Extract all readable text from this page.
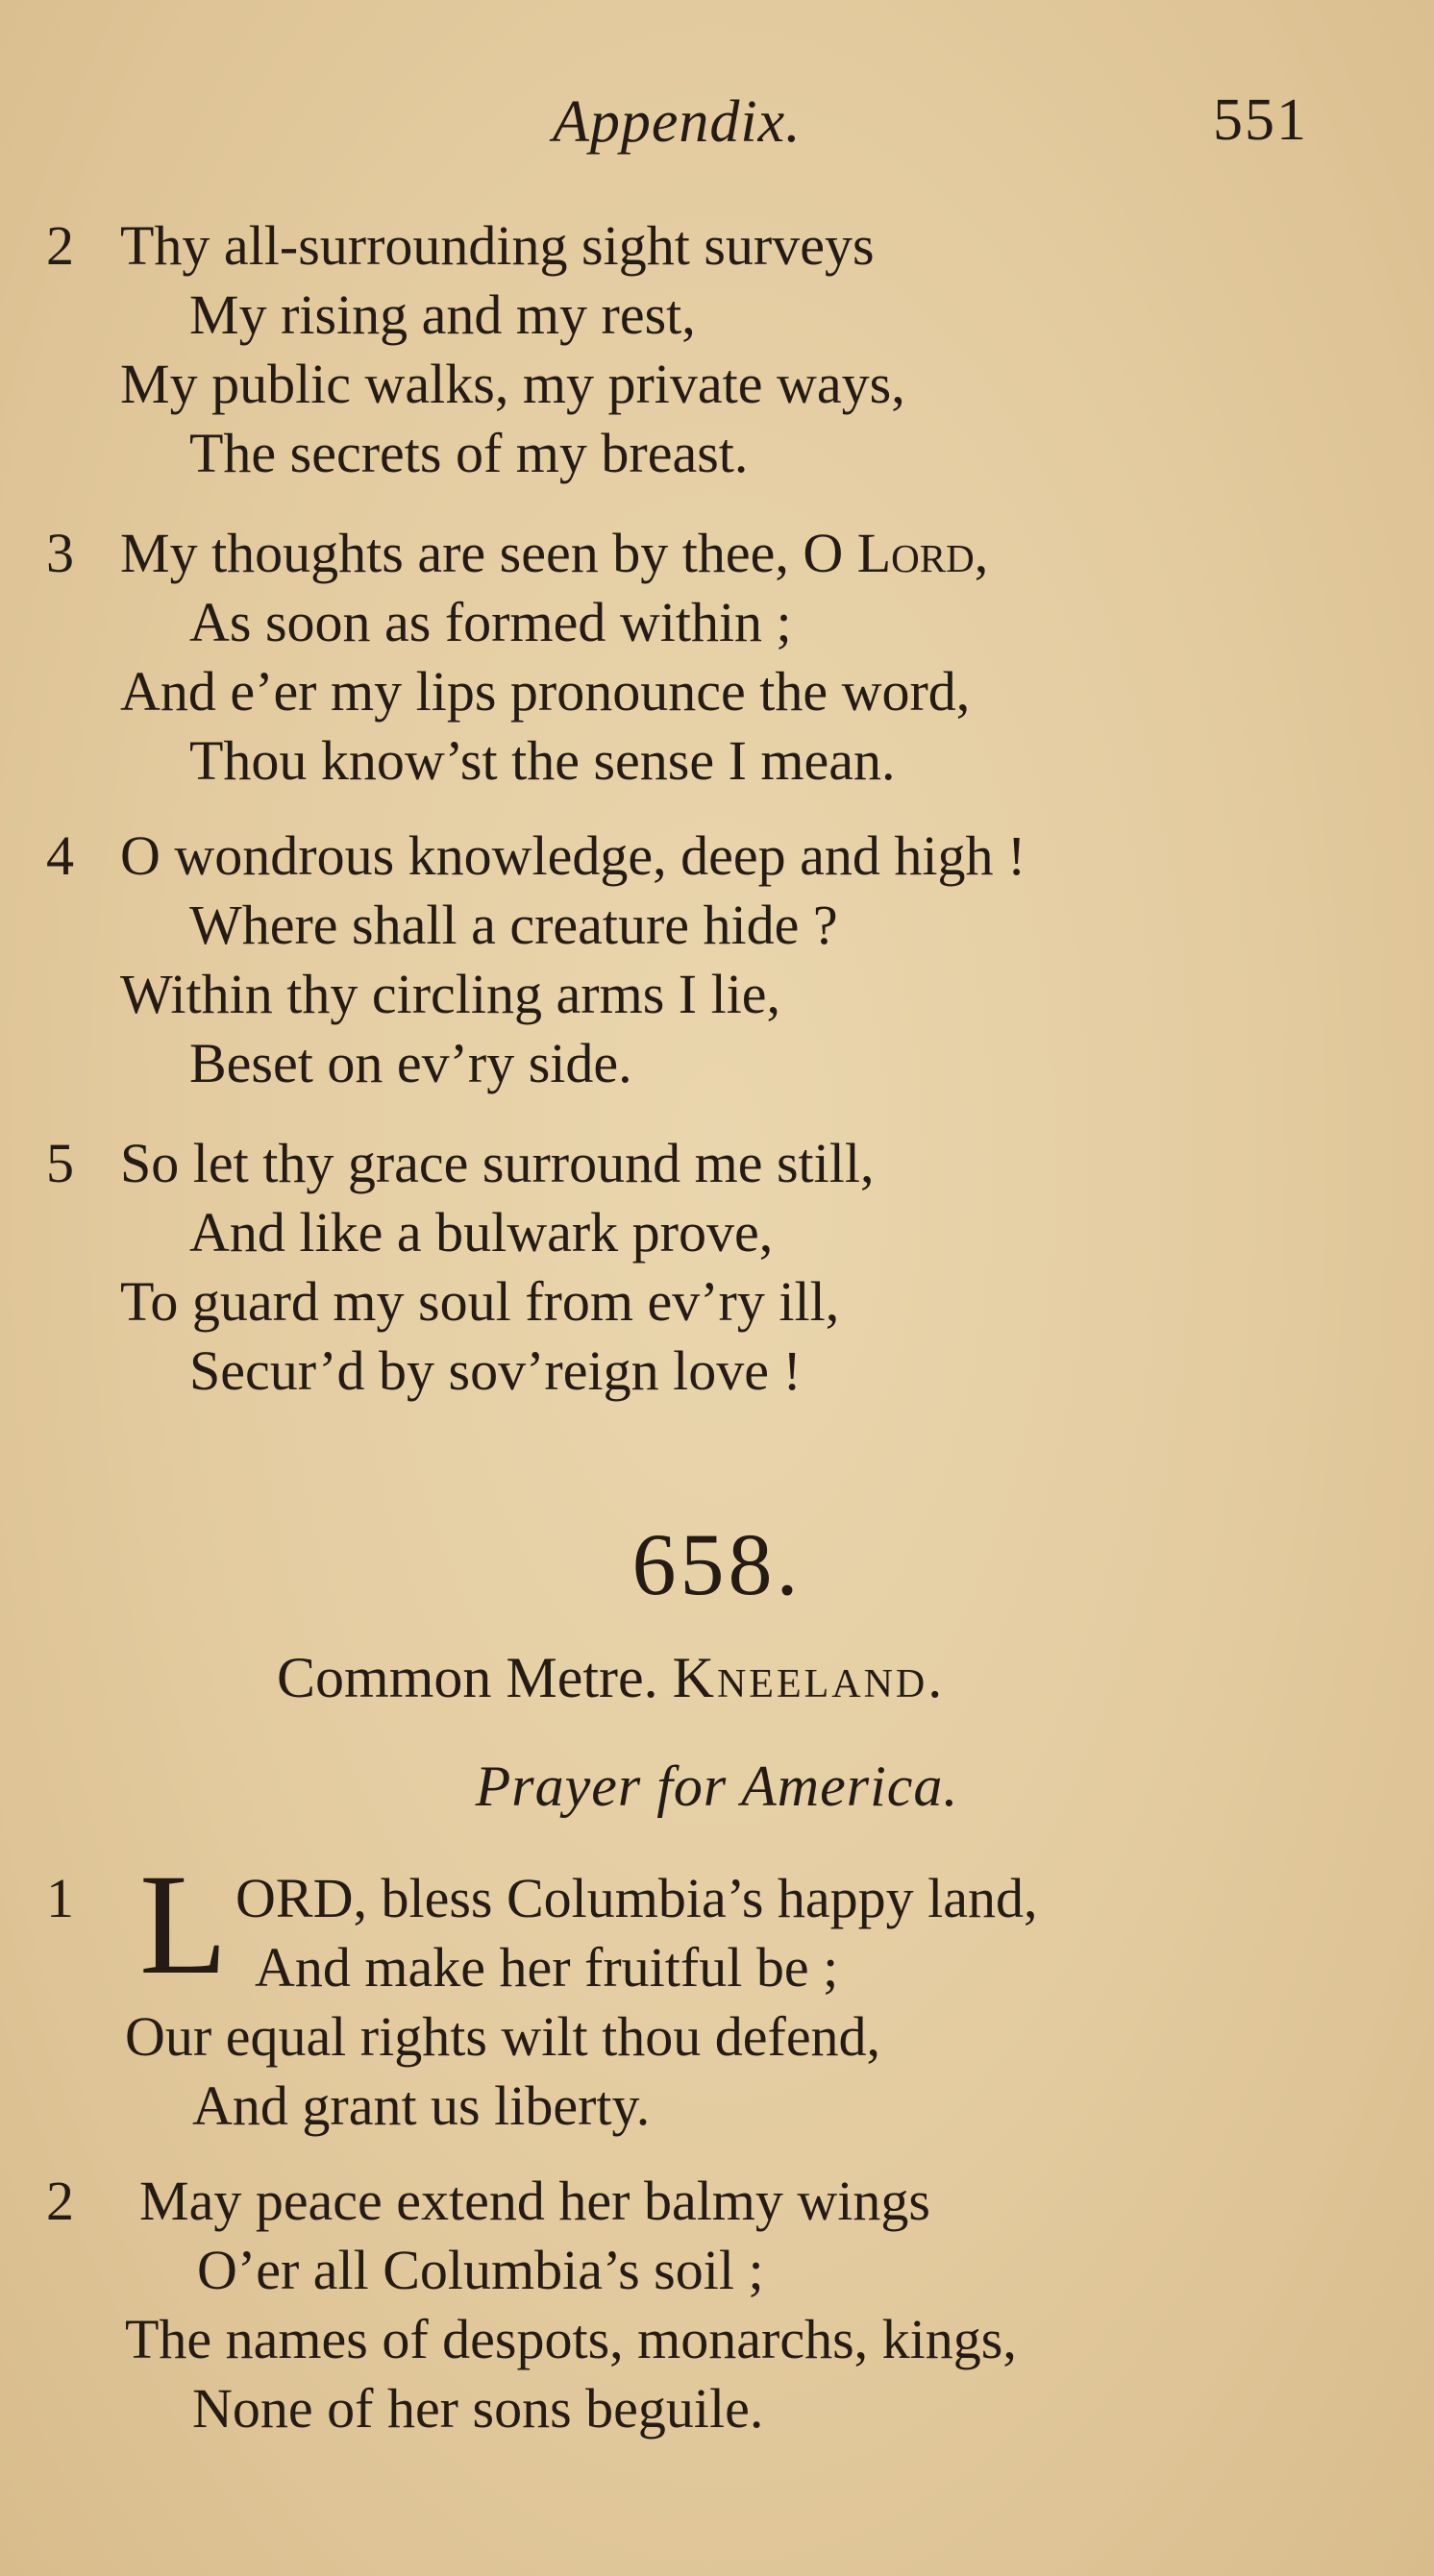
Appendix.	551
2 Thy all-surrounding sight surveys
My rising and my rest,
My public walks, my private ways,
The secrets of my breast.
3 My thoughts are seen by thee, O Lord,
As soon as formed within ;
And e’er my lips pronounce the word,
Thou know’st the sense I mean.
4 O wondrous knowledge, deep and high !
Where shall a creature hide ?
Within thy circling arms I lie,
Beset on ev’ry side.
5 So let thy grace surround me still,
And like a bulwark prove,
To guard my soul from ev’ry ill,
Secur’d by sov’reign love !
658.
Common Metre. Kneeland.
Prayer for America.
1	ORD, bless Columbia’s happy land,
And make her fruitful be ;
Our equal rights wilt thou defend,
And grant us liberty.
L
2 May peace extend her balmy wings
O’er all Columbia’s soil ;
The names of despots, monarchs, kings,
None of her sons beguile.
